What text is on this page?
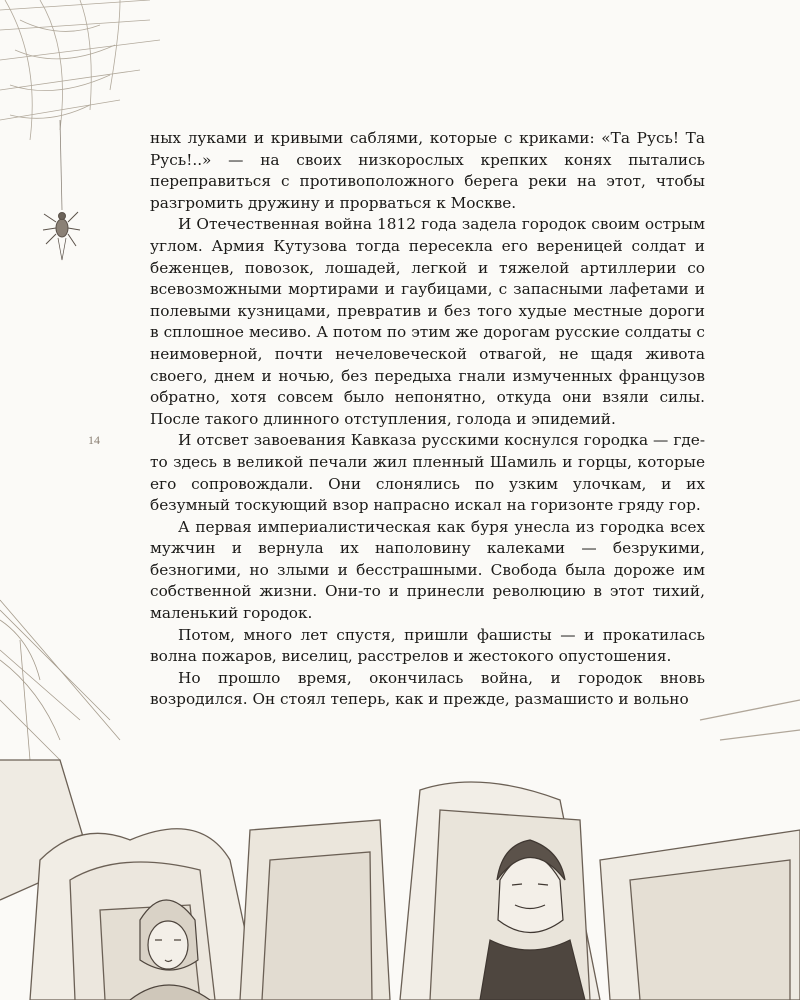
14

ных луками и кривыми саблями, которые с криками: «Та Русь! Та Русь!..» — на своих низкорослых крепких конях пытались переправиться с противоположного берега реки на этот, чтобы разгромить дружину и прорваться к Москве.

И Отечественная война 1812 года задела городок своим острым углом. Армия Кутузова тогда пересекла его вереницей солдат и беженцев, повозок, лошадей, легкой и тяжелой артиллерии со всевозможными мортирами и гаубицами, с запасными лафетами и полевыми кузницами, превратив и без того худые местные дороги в сплошное месиво. А потом по этим же дорогам русские солдаты с неимоверной, почти нечеловеческой отвагой, не щадя живота своего, днем и ночью, без передыха гнали измученных французов обратно, хотя совсем было непонятно, откуда они взяли силы. После такого длинного отступления, голода и эпидемий.

И отсвет завоевания Кавказа русскими коснулся городка — где-то здесь в великой печали жил пленный Шамиль и горцы, которые его сопровождали. Они слонялись по узким улочкам, и их безумный тоскующий взор напрасно искал на горизонте гряду гор.

А первая империалистическая как буря унесла из городка всех мужчин и вернула их наполовину калеками — безрукими, безногими, но злыми и бесстрашными. Свобода была дороже им собственной жизни. Они-то и принесли революцию в этот тихий, маленький городок.

Потом, много лет спустя, пришли фашисты — и прокатилась волна пожаров, виселиц, расстрелов и жестокого опустошения.

Но прошло время, окончилась война, и городок вновь возродился. Он стоял теперь, как и прежде, размашисто и вольно
